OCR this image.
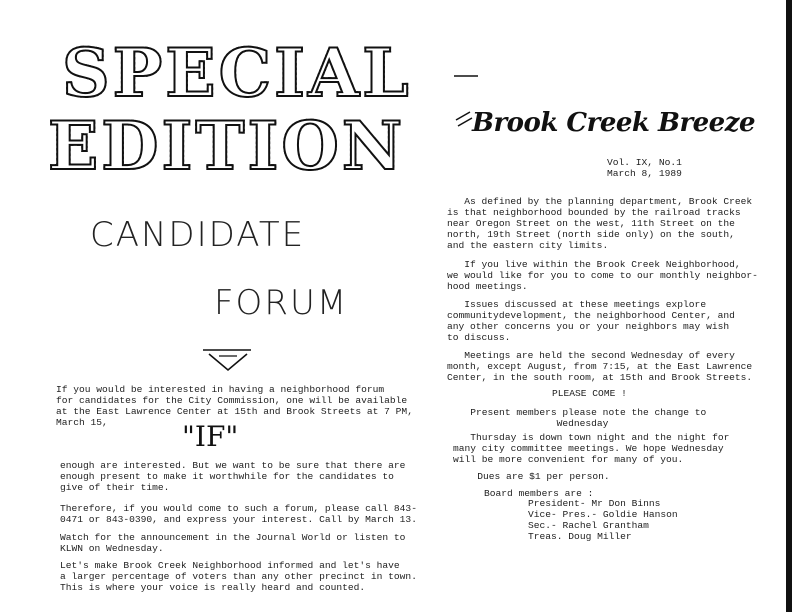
SPECIAL
EDITION
CANDIDATE
FORUM
If you would be interested in having a neighborhood forum
for candidates for the City Commission, one will be available
at the East Lawrence Center at 15th and Brook Streets at 7 PM,
March 15,	"IF"
enough are interested. But we want to be sure that there are
enough present to make it worthwhile for the candidates to
give of their time.
Therefore, if you would come to such a forum, please call 843-
0471 or 843-0390, and express your interest. Call by March 13.
Watch for the announcement in the Journal World or listen to
KLWN on Wednesday.
Let's make Brook Creek Neighborhood informed and let's have
a larger percentage of voters than any other precinct in town.
This is where your voice is really heard and counted.
Brook Creek Breeze
Vol. IX, No.1
March 8, 1989
As defined by the planning department, Brook Creek
is that neighborhood bounded by the railroad tracks
near Oregon Street on the west, 11th Street on the
north, 19th Street (north side only) on the south,
and the eastern city limits.
If you live within the Brook Creek Neighborhood,
we would like for you to come to our monthly neighbor-
hood meetings.
Issues discussed at these meetings explore
communitydevelopment, the neighborhood Center, and
any other concerns you or your neighbors may wish
to discuss.
Meetings are held the second Wednesday of every
month, except August, from 7:15, at the East Lawrence
Center, in the south room, at 15th and Brook Streets.
PLEASE COME !
Present members please note the change to
Wednesday
Thursday is down town night and the night for
many city committee meetings. We hope Wednesday
will be more convenient for many of you.
Dues are $1 per person.
Board members are :
President- Mr Don Binns
Vice- Pres.- Goldie Hanson
Sec.- Rachel Grantham
Treas. Doug Miller
